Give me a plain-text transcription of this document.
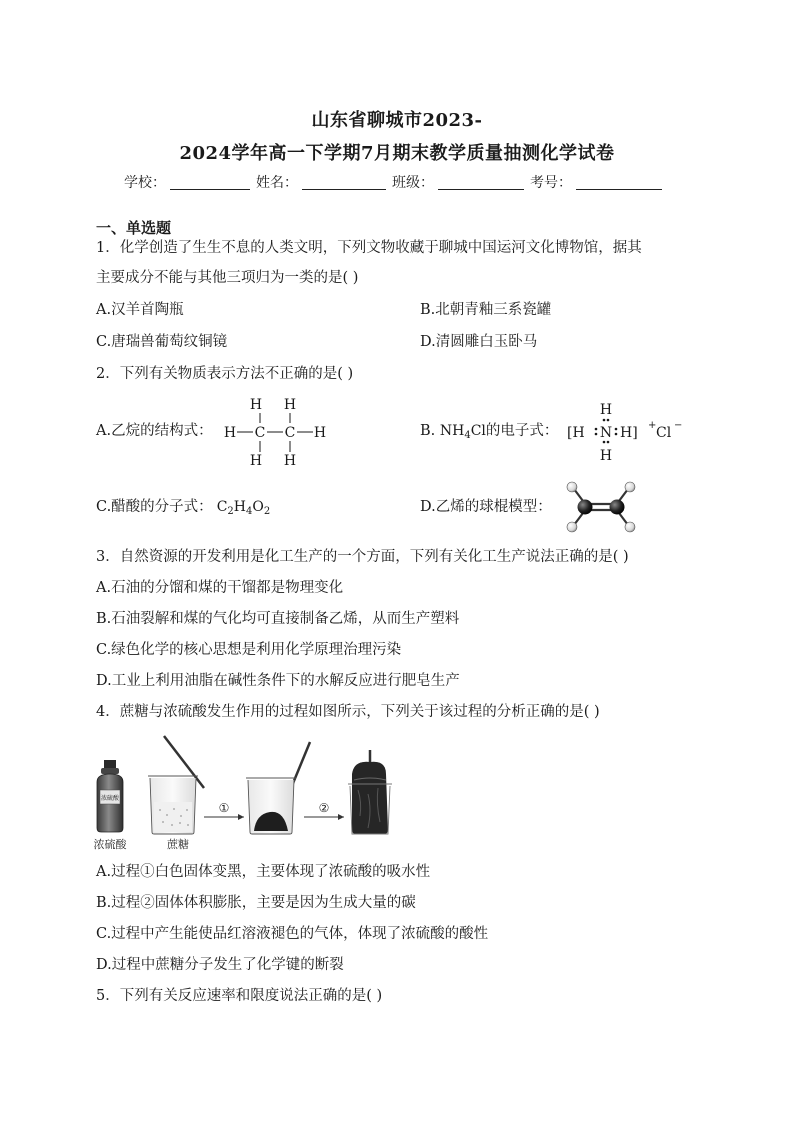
山东省聊城市2023-
2024学年高一下学期7月期末教学质量抽测化学试卷
学校：	姓名：	班级：	考号：
一、单选题
1．化学创造了生生不息的人类文明，下列文物收藏于聊城中国运河文化博物馆，据其
主要成分不能与其他三项归为一类的是( )
A.汉羊首陶瓶	B.北朝青釉三系瓷罐
C.唐瑞兽葡萄纹铜镜	D.清圆雕白玉卧马
2．下列有关物质表示方法不正确的是( )
A.乙烷的结构式：
H H
H C C H
H H
B. $NH_4Cl$的电子式：
H
H
[H N H] + Cl −
C.醋酸的分子式： $C_2H_4O_2$	D.乙烯的球棍模型：
3．自然资源的开发利用是化工生产的一个方面，下列有关化工生产说法正确的是( )
A.石油的分馏和煤的干馏都是物理变化
B.石油裂解和煤的气化均可直接制备乙烯，从而生产塑料
C.绿色化学的核心思想是利用化学原理治理污染
D.工业上利用油脂在碱性条件下的水解反应进行肥皂生产
4．蔗糖与浓硫酸发生作用的过程如图所示，下列关于该过程的分析正确的是( )
浓硫酸
浓硫酸	蔗糖
①	②
A.过程①白色固体变黑，主要体现了浓硫酸的吸水性
B.过程②固体体积膨胀，主要是因为生成大量的碳
C.过程中产生能使品红溶液褪色的气体，体现了浓硫酸的酸性
D.过程中蔗糖分子发生了化学键的断裂
5．下列有关反应速率和限度说法正确的是( )
